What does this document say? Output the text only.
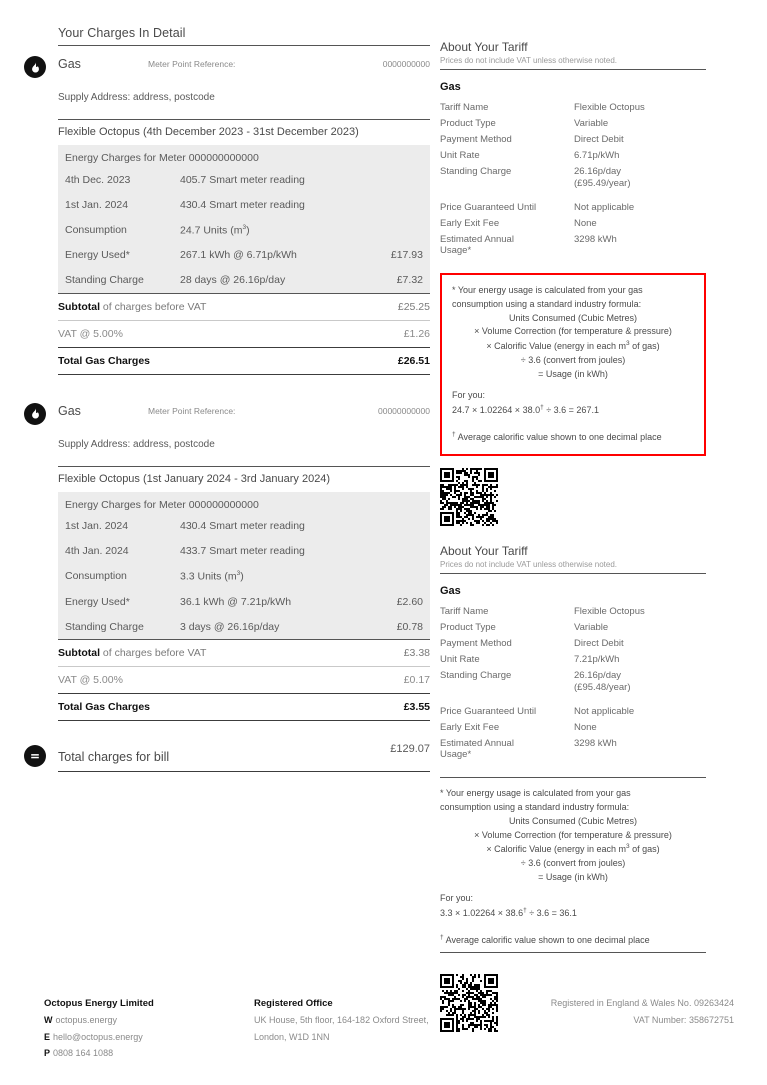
Your Charges In Detail
Gas	Meter Point Reference:	0000000000
Supply Address: address, postcode
Flexible Octopus (4th December 2023 - 31st December 2023)
Energy Charges for Meter 000000000000		
4th Dec. 2023	405.7 Smart meter reading	
1st Jan. 2024	430.4 Smart meter reading	
Consumption	24.7 Units $(m^3)$	
Energy Used*	267.1 kWh @ 6.71p/kWh	£17.93
Standing Charge	28 days @ 26.16p/day	£7.32
Subtotal of charges before VAT		£25.25
VAT @ 5.00%		£1.26
Total Gas Charges		£26.51
Gas	Meter Point Reference:	00000000000
Supply Address: address, postcode
Flexible Octopus (1st January 2024 - 3rd January 2024)
Energy Charges for Meter 000000000000		
1st Jan. 2024	430.4 Smart meter reading	
4th Jan. 2024	433.7 Smart meter reading	
Consumption	3.3 Units $(m^3)$	
Energy Used*	36.1 kWh @ 7.21p/kWh	£2.60
Standing Charge	3 days @ 26.16p/day	£0.78
Subtotal of charges before VAT		£3.38
VAT @ 5.00%		£0.17
Total Gas Charges		£3.55
Total charges for bill
£129.07
About Your Tariff
Prices do not include VAT unless otherwise noted.
Gas
Tariff Name	Flexible Octopus
Product Type	Variable
Payment Method	Direct Debit
Unit Rate	6.71p/kWh
Standing Charge	26.16p/day
(£95.49/year)
Price Guaranteed Until	Not applicable
Early Exit Fee	None
Estimated Annual
Usage*	3298 kWh
* Your energy usage is calculated from your gas
consumption using a standard industry formula:
Units Consumed (Cubic Metres)
× Volume Correction (for temperature & pressure)
× Calorific Value (energy in each $m^3$ of gas)
÷ 3.6 (convert from joules)
= Usage (in kWh)
For you:
24.7 × 1.02264 × 38.0† ÷ 3.6 = 267.1
† Average calorific value shown to one decimal place
About Your Tariff
Prices do not include VAT unless otherwise noted.
Gas
Tariff Name	Flexible Octopus
Product Type	Variable
Payment Method	Direct Debit
Unit Rate	7.21p/kWh
Standing Charge	26.16p/day
(£95.48/year)
Price Guaranteed Until	Not applicable
Early Exit Fee	None
Estimated Annual
Usage*	3298 kWh
* Your energy usage is calculated from your gas
consumption using a standard industry formula:
Units Consumed (Cubic Metres)
× Volume Correction (for temperature & pressure)
× Calorific Value (energy in each $m^3$ of gas)
÷ 3.6 (convert from joules)
= Usage (in kWh)
For you:
3.3 × 1.02264 × 38.6† ÷ 3.6 = 36.1
† Average calorific value shown to one decimal place
Octopus Energy Limited
W octopus.energy
E hello@octopus.energy
P 0808 164 1088
Registered Office
UK House, 5th floor, 164-182 Oxford Street,
London, W1D 1NN
Registered in England & Wales No. 09263424
VAT Number: 358672751
